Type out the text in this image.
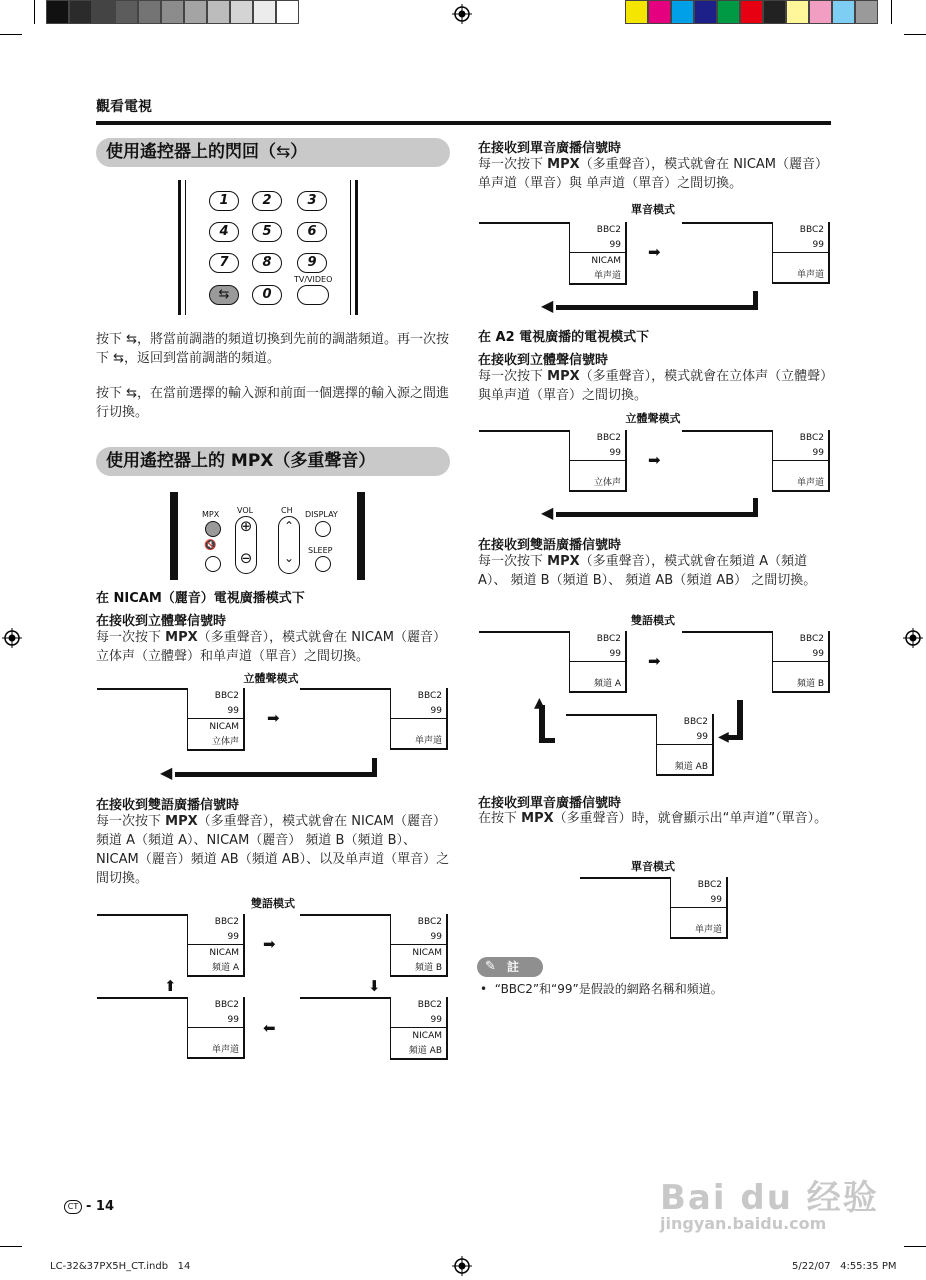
觀看電視
使用遙控器上的閃回（⇆）
1	2	3
4	5	6
7	8	9
⇆	0
TV/VIDEO
按下 ⇆，將當前調諧的頻道切換到先前的調諧頻道。再一次按下 ⇆，返回到當前調諧的頻道。
按下 ⇆，在當前選擇的輸入源和前面一個選擇的輸入源之間進行切換。
使用遙控器上的 MPX（多重聲音）
MPX
🔇
VOL
⊕
⊖
CH
⌃
⌄
DISPLAY
SLEEP
在 NICAM（麗音）電視廣播模式下
在接收到立體聲信號時
每一次按下 MPX（多重聲音），模式就會在 NICAM（麗音）立体声（立體聲）和单声道（單音）之間切換。
立體聲模式
BBC2
99
NICAM
立体声
➡
BBC2
99
单声道
◀
在接收到雙語廣播信號時
每一次按下 MPX（多重聲音），模式就會在 NICAM（麗音） 頻道 A（頻道 A）、NICAM（麗音） 頻道 B（頻道 B）、NICAM（麗音）頻道 AB（頻道 AB）、以及单声道（單音）之間切換。
雙語模式
BBC2
99
NICAM
頻道 A
➡
BBC2
99
NICAM
頻道 B
⬆	⬇
BBC2
99
单声道
⬅
BBC2
99
NICAM
頻道 AB
在接收到單音廣播信號時
每一次按下 MPX（多重聲音），模式就會在 NICAM（麗音）单声道（單音）與 单声道（單音）之間切換。
單音模式
BBC2
99
NICAM
单声道
➡
BBC2
99
单声道
◀
在 A2 電視廣播的電視模式下
在接收到立體聲信號時
每一次按下 MPX（多重聲音），模式就會在立体声（立體聲）與单声道（單音）之間切換。
立體聲模式
BBC2
99
立体声
➡
BBC2
99
单声道
◀
在接收到雙語廣播信號時
每一次按下 MPX（多重聲音），模式就會在頻道 A（頻道 A）、 頻道 B（頻道 B）、 頻道 AB（頻道 AB） 之間切換。
雙語模式
BBC2
99
頻道 A
➡
BBC2
99
頻道 B
▲
BBC2
99
頻道 AB
◀
在接收到單音廣播信號時
在按下 MPX（多重聲音）時，就會顯示出“单声道”（單音）。
單音模式
BBC2
99
单声道
✎ 註
•  “BBC2”和“99”是假設的網路名稱和頻道。
CT - 14
LC-32&37PX5H_CT.indb   14	5/22/07   4:55:35 PM
Bai du 经验
jingyan.baidu.com
